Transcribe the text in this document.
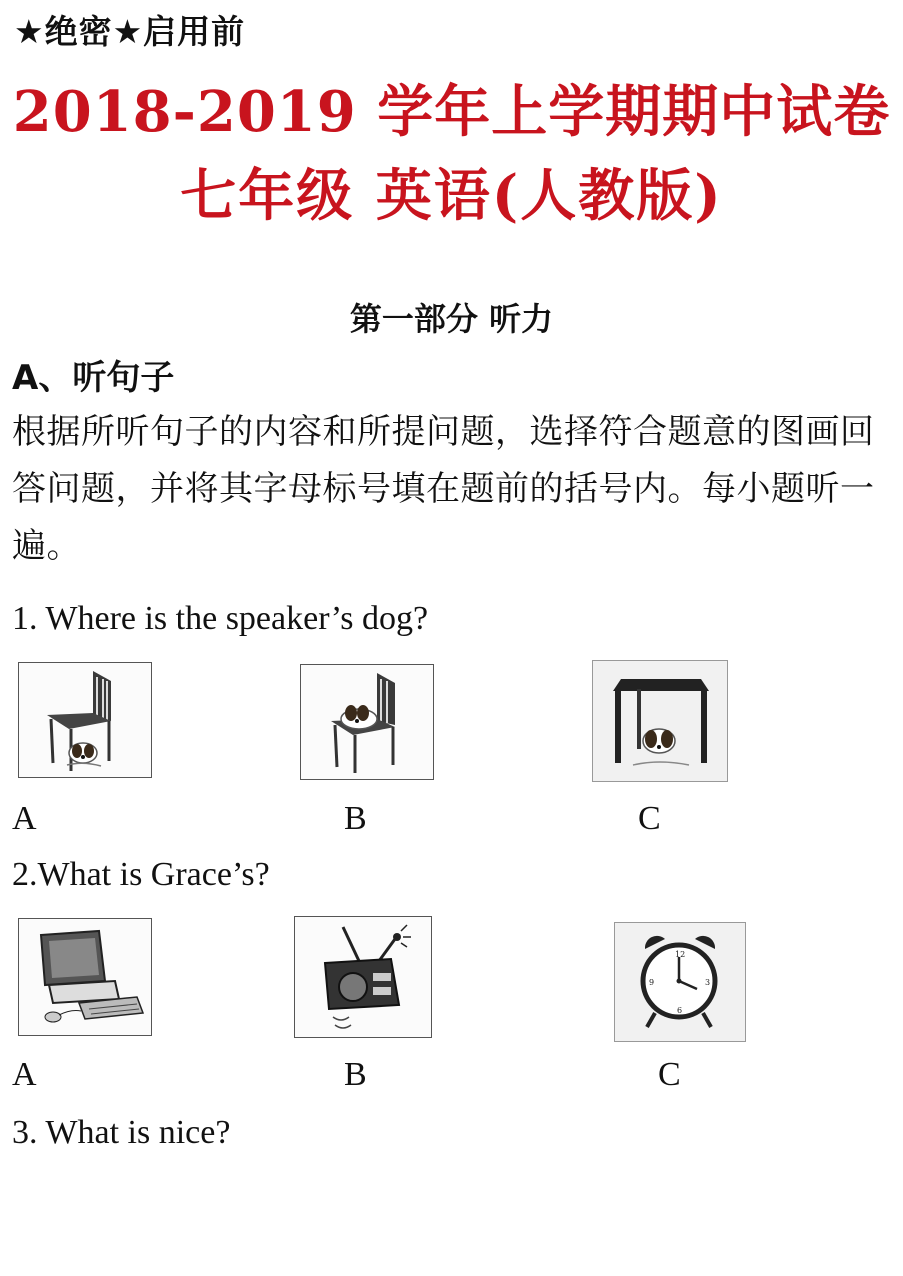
★绝密★启用前
2018-2019 学年上学期期中试卷
七年级 英语(人教版)
第一部分 听力
A、听句子
根据所听句子的内容和所提问题，选择符合题意的图画回答问题，并将其字母标号填在题前的括号内。每小题听一遍。
1. Where is the speaker’s dog?
A	B	C
2.What is Grace’s?
A	B
12
3
6
9
C
3. What is nice?
